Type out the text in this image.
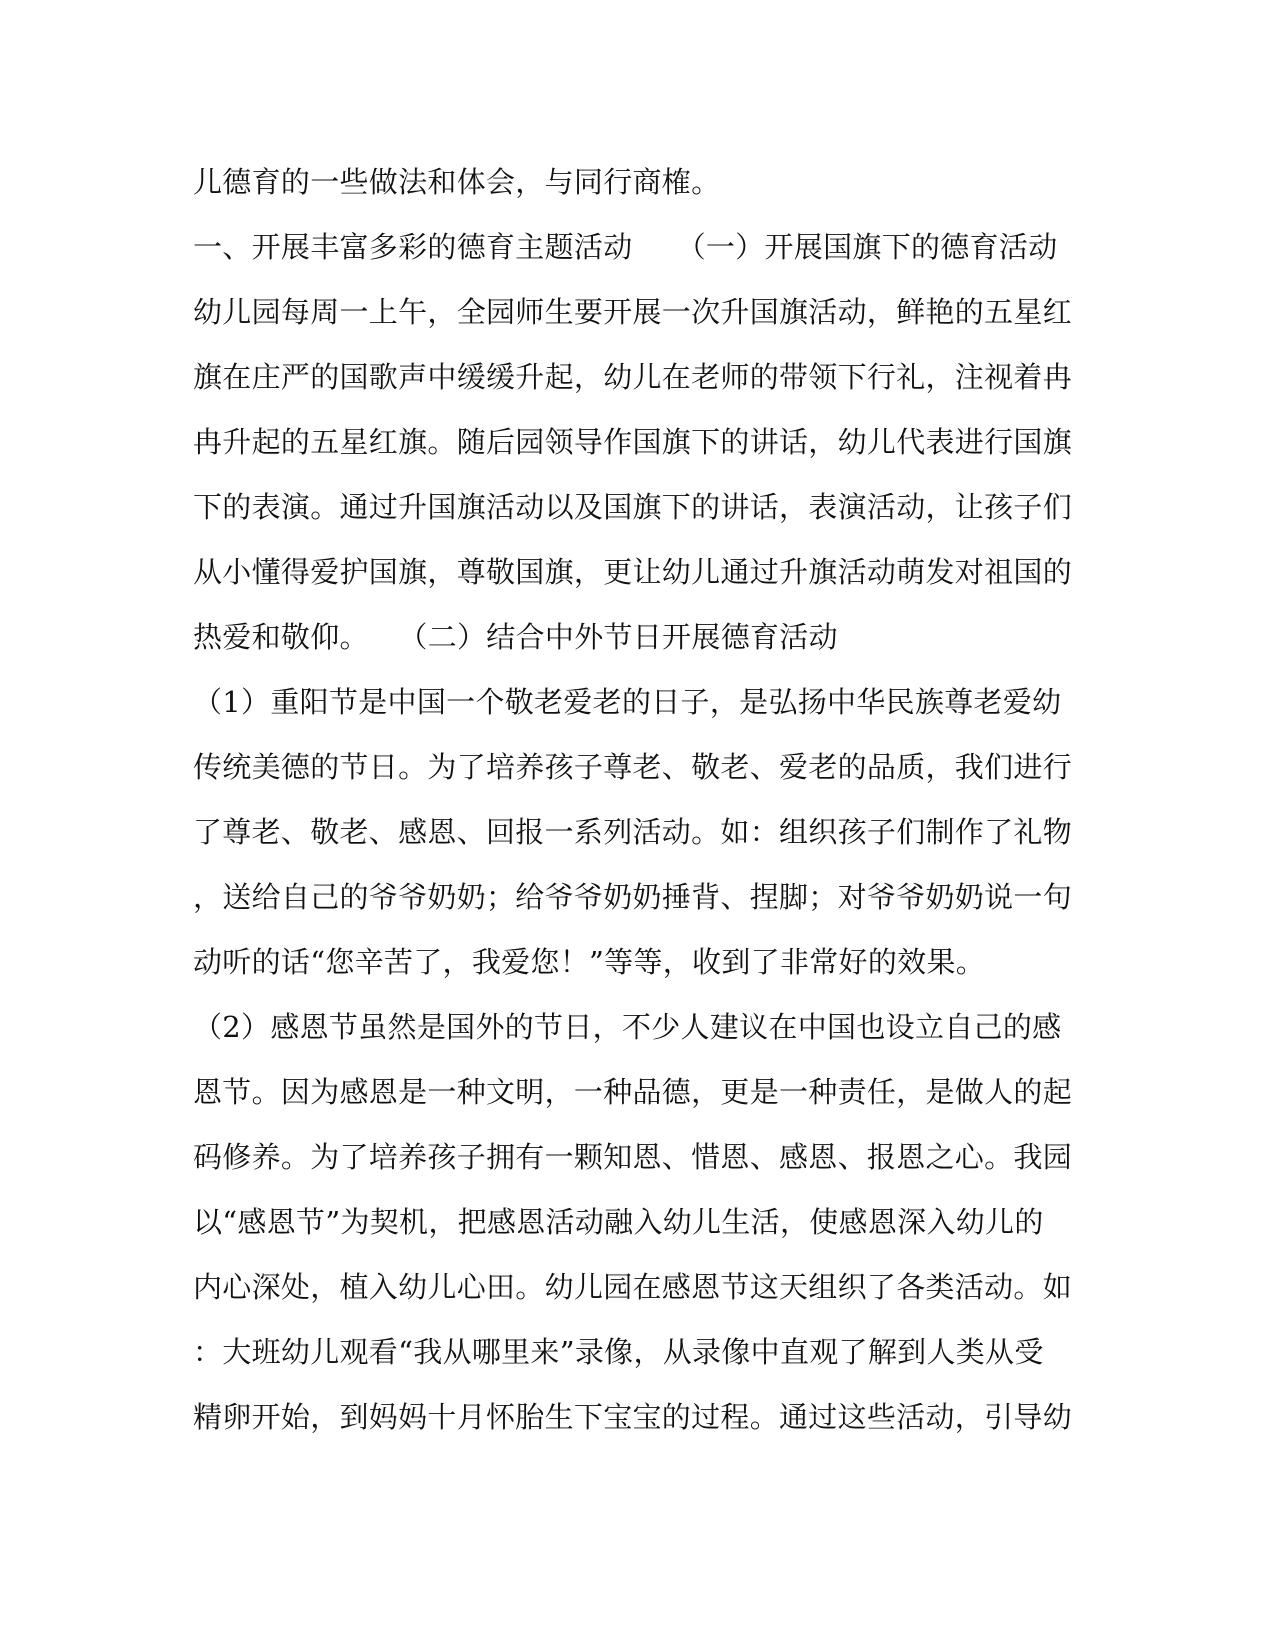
儿德育的一些做法和体会，与同行商榷。
一、开展丰富多彩的德育主题活动　　（一）开展国旗下的德育活动
幼儿园每周一上午，全园师生要开展一次升国旗活动，鲜艳的五星红
旗在庄严的国歌声中缓缓升起，幼儿在老师的带领下行礼，注视着冉
冉升起的五星红旗。随后园领导作国旗下的讲话，幼儿代表进行国旗
下的表演。通过升国旗活动以及国旗下的讲话，表演活动，让孩子们
从小懂得爱护国旗，尊敬国旗，更让幼儿通过升旗活动萌发对祖国的
热爱和敬仰。　　（二）结合中外节日开展德育活动
（1）重阳节是中国一个敬老爱老的日子，是弘扬中华民族尊老爱幼
传统美德的节日。为了培养孩子尊老、敬老、爱老的品质，我们进行
了尊老、敬老、感恩、回报一系列活动。如：组织孩子们制作了礼物
，送给自己的爷爷奶奶；给爷爷奶奶捶背、捏脚；对爷爷奶奶说一句
动听的话“您辛苦了，我爱您！”等等，收到了非常好的效果。
（2）感恩节虽然是国外的节日，不少人建议在中国也设立自己的感
恩节。因为感恩是一种文明，一种品德，更是一种责任，是做人的起
码修养。为了培养孩子拥有一颗知恩、惜恩、感恩、报恩之心。我园
以“感恩节”为契机，把感恩活动融入幼儿生活，使感恩深入幼儿的
内心深处，植入幼儿心田。幼儿园在感恩节这天组织了各类活动。如
：大班幼儿观看“我从哪里来”录像，从录像中直观了解到人类从受
精卵开始，到妈妈十月怀胎生下宝宝的过程。通过这些活动，引导幼
